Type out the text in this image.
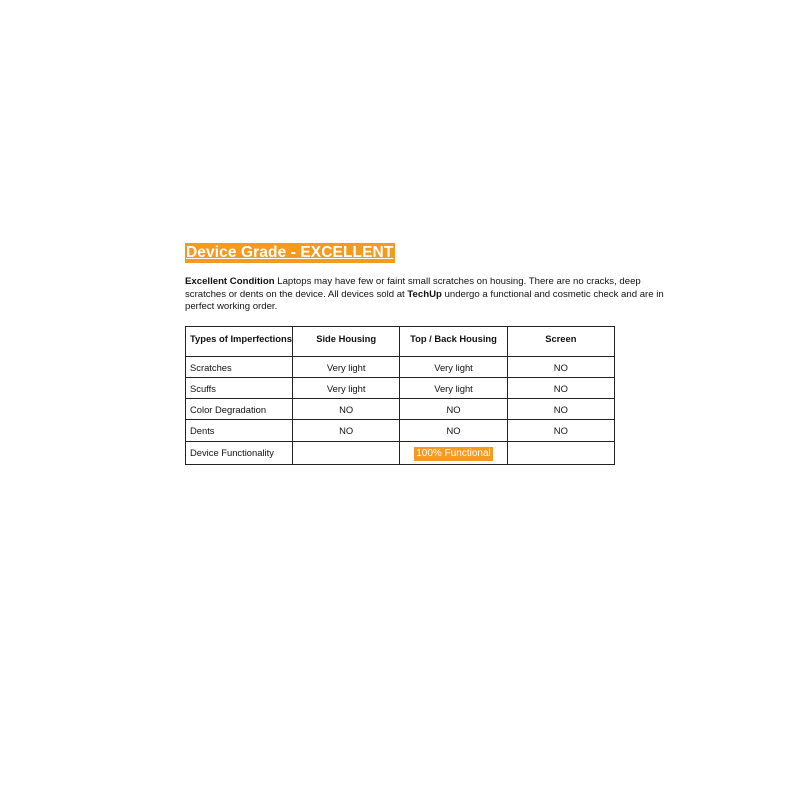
Device Grade - EXCELLENT
Excellent Condition Laptops may have few or faint small scratches on housing. There are no cracks, deep scratches or dents on the device. All devices sold at TechUp undergo a functional and cosmetic check and are in perfect working order.
Types of Imperfections	Side Housing	Top / Back Housing	Screen
Scratches	Very light	Very light	NO
Scuffs	Very light	Very light	NO
Color Degradation	NO	NO	NO
Dents	NO	NO	NO
Device Functionality		100% Functional	
